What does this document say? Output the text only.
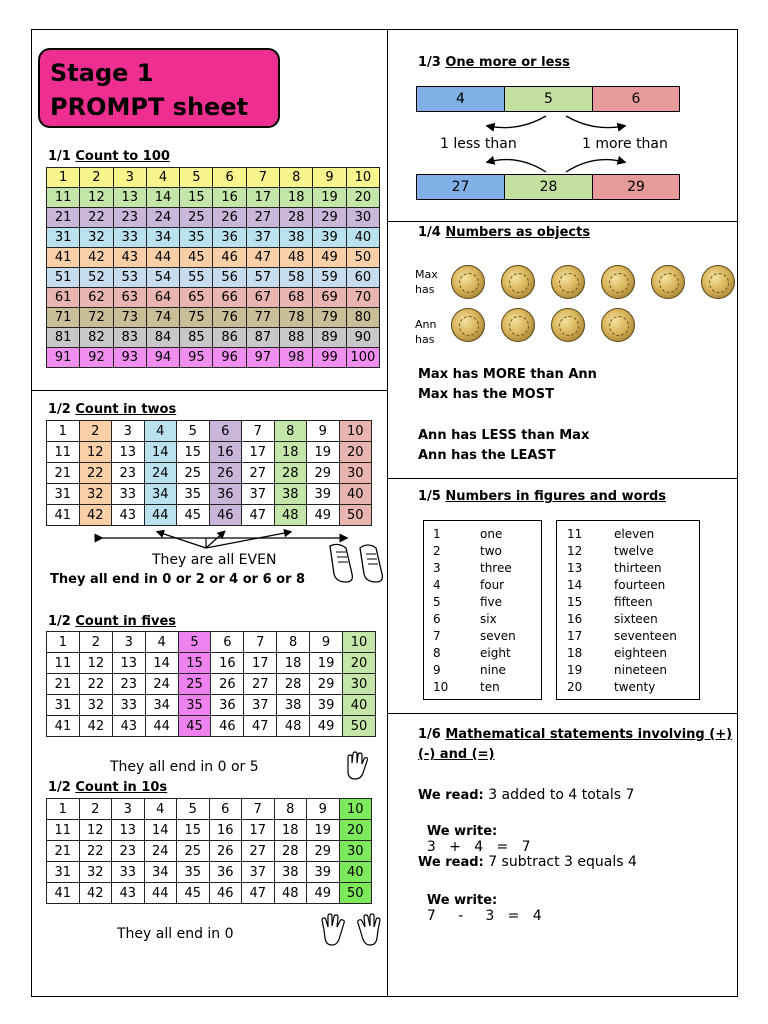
Stage 1
PROMPT sheet
1/1 Count to 100
1	2	3	4	5	6	7	8	9	10
11	12	13	14	15	16	17	18	19	20
21	22	23	24	25	26	27	28	29	30
31	32	33	34	35	36	37	38	39	40
41	42	43	44	45	46	47	48	49	50
51	52	53	54	55	56	57	58	59	60
61	62	63	64	65	66	67	68	69	70
71	72	73	74	75	76	77	78	79	80
81	82	83	84	85	86	87	88	89	90
91	92	93	94	95	96	97	98	99	100
1/2 Count in twos
1	2	3	4	5	6	7	8	9	10
11	12	13	14	15	16	17	18	19	20
21	22	23	24	25	26	27	28	29	30
31	32	33	34	35	36	37	38	39	40
41	42	43	44	45	46	47	48	49	50
They are all EVEN
They all end in 0 or 2 or 4 or 6 or 8
1/2 Count in fives
1	2	3	4	5	6	7	8	9	10
11	12	13	14	15	16	17	18	19	20
21	22	23	24	25	26	27	28	29	30
31	32	33	34	35	36	37	38	39	40
41	42	43	44	45	46	47	48	49	50
They all end in 0 or 5
1/2 Count in 10s
1	2	3	4	5	6	7	8	9	10
11	12	13	14	15	16	17	18	19	20
21	22	23	24	25	26	27	28	29	30
31	32	33	34	35	36	37	38	39	40
41	42	43	44	45	46	47	48	49	50
They all end in 0
1/3 One more or less
4	5	6
27	28	29
1 less than	1 more than
1/4 Numbers as objects
Max
has
Ann
has
Max has MORE than Ann
Max has the MOST
Ann has LESS than Max
Ann has the LEAST
1/5 Numbers in figures and words
1	one
2	two
3	three
4	four
5	five
6	six
7	seven
8	eight
9	nine
10	ten
11	eleven
12	twelve
13	thirteen
14	fourteen
15	fifteen
16	sixteen
17	seventeen
18	eighteen
19	nineteen
20	twenty
1/6 Mathematical statements involving (+)
(-) and (=)
We read: 3 added to 4 totals 7

We write:
3   +   4   =   7

We read: 7 subtract 3 equals 4

We write:
7     -     3   =   4
